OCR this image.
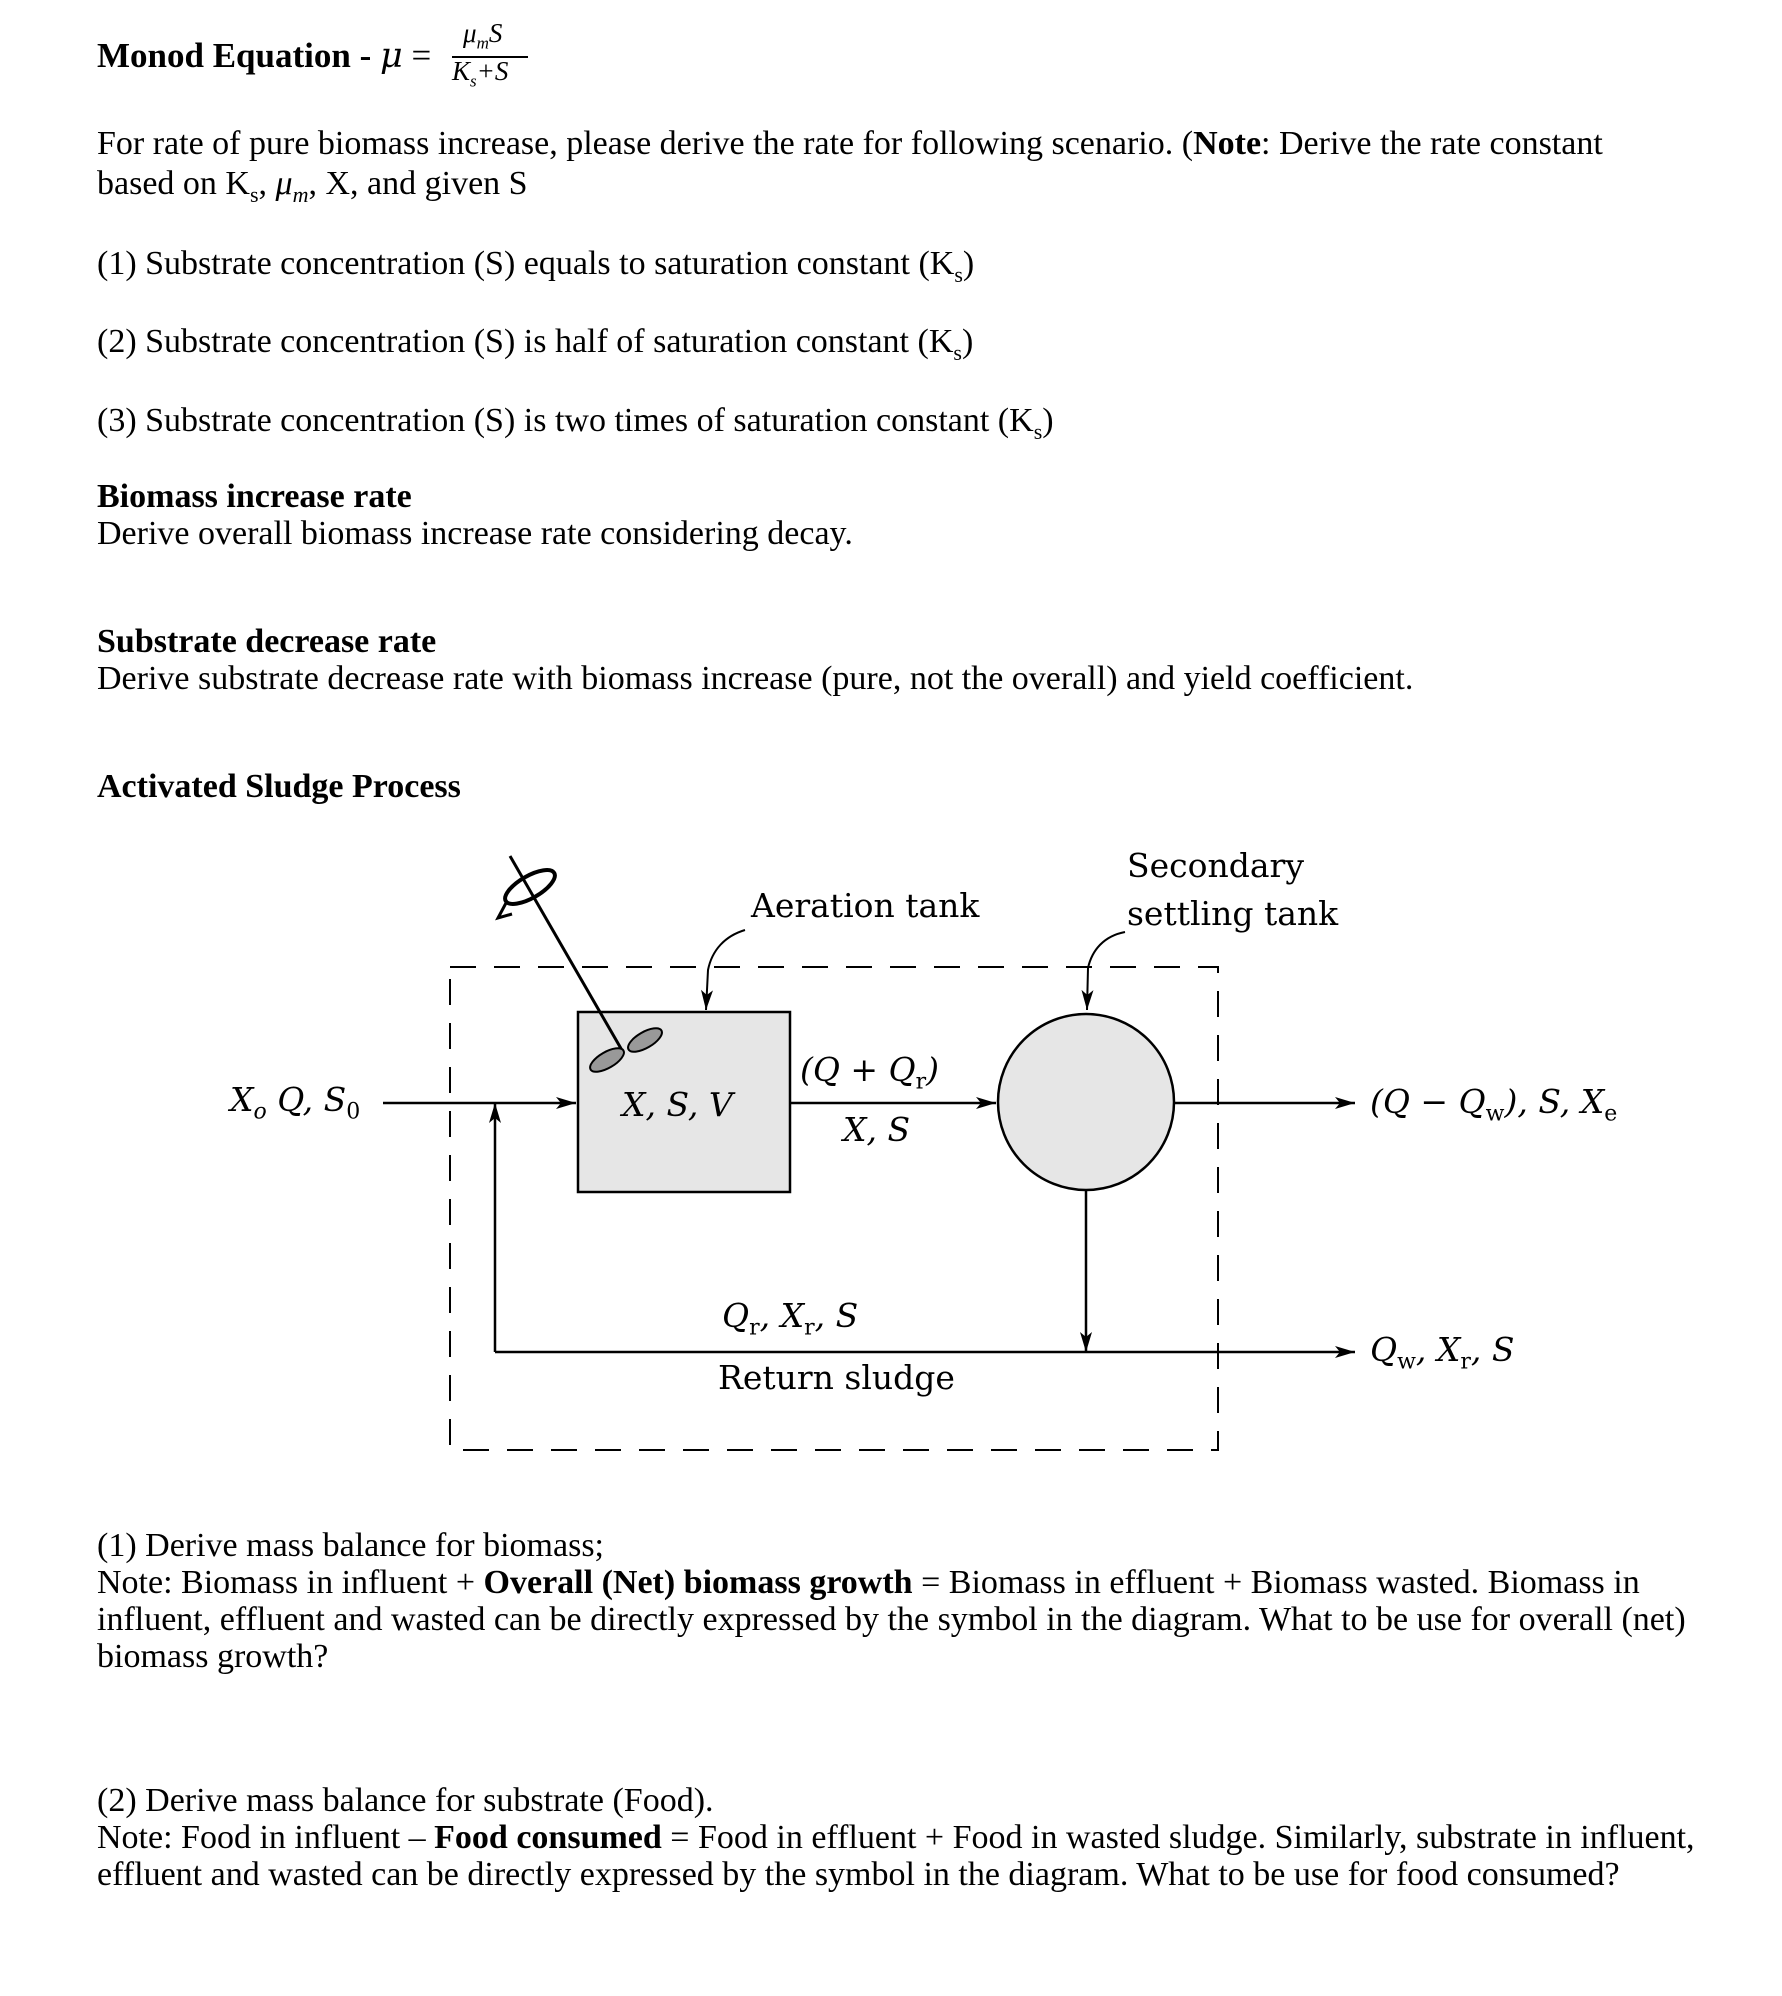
Monod Equation - μ =
$\mu_mS$
$K_s+S$

For rate of pure biomass increase, please derive the rate for following scenario. (Note: Derive the rate constant

based on $K_s$, $\mu_m$, X, and given S

(1) Substrate concentration (S) equals to saturation constant $(K_s)$
(2) Substrate concentration (S) is half of saturation constant $(K_s)$
(3) Substrate concentration (S) is two times of saturation constant $(K_s)$

Biomass increase rate

Derive overall biomass increase rate considering decay.

Substrate decrease rate

Derive substrate decrease rate with biomass increase (pure, not the overall) and yield coefficient.

Activated Sludge Process
Aeration tank
Secondary
settling tank
$X_o$ Q, $S_0$	X, S, V
$(Q + Q_r)$
X, S
$(Q - Q_w)$, S, $X_e$
$Q_r$, $X_r$, S
Return sludge
$Q_w$, $X_r$, S

(1) Derive mass balance for biomass;

Note: Biomass in influent + Overall (Net) biomass growth = Biomass in effluent + Biomass wasted. Biomass in influent, effluent and wasted can be directly expressed by the symbol in the diagram. What to be use for overall (net) biomass growth?

(2) Derive mass balance for substrate (Food).

Note: Food in influent – Food consumed = Food in effluent + Food in wasted sludge. Similarly, substrate in influent, effluent and wasted can be directly expressed by the symbol in the diagram. What to be use for food consumed?
